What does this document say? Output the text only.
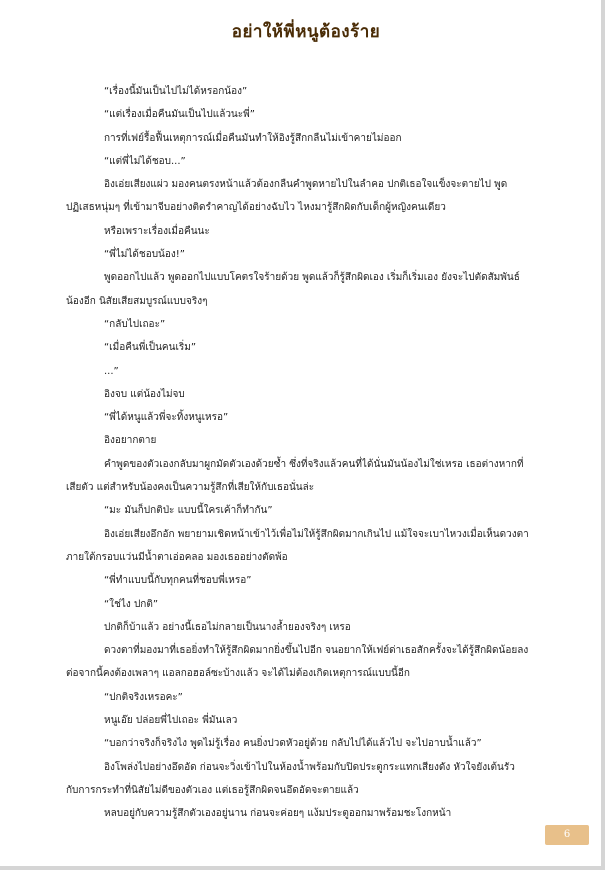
อย่าให้พี่หนูต้องร้าย
“เรื่องนี้มันเป็นไปไม่ได้หรอกน้อง”
“แต่เรื่องเมื่อคืนมันเป็นไปแล้วนะพี่”
การที่เฟย์รื้อฟื้นเหตุการณ์เมื่อคืนมันทำให้อิงรู้สึกกลืนไม่เข้าคายไม่ออก
“แต่พี่ไม่ได้ชอบ...”
อิงเอ่ยเสียงแผ่ว มองคนตรงหน้าแล้วต้องกลืนคำพูดหายไปในลำคอ ปกติเธอใจแข็งจะตายไป พูด
ปฏิเสธหนุ่มๆ ที่เข้ามาจีบอย่างติดรำคาญได้อย่างฉับไว ไหงมารู้สึกผิดกับเด็กผู้หญิงคนเดียว
หรือเพราะเรื่องเมื่อคืนนะ
“พี่ไม่ได้ชอบน้อง!”
พูดออกไปแล้ว พูดออกไปแบบโคตรใจร้ายด้วย พูดแล้วก็รู้สึกผิดเอง เริ่มก็เริ่มเอง ยังจะไปตัดสัมพันธ์
น้องอีก นิสัยเสียสมบูรณ์แบบจริงๆ
“กลับไปเถอะ”
“เมื่อคืนพี่เป็นคนเริ่ม”
...”
อิงจบ แต่น้องไม่จบ
“พี่ได้หนูแล้วพี่จะทิ้งหนูเหรอ”
อิงอยากตาย
คำพูดของตัวเองกลับมาผูกมัดตัวเองด้วยซ้ำ ซึ่งที่จริงแล้วคนที่ได้นั่นมันน้องไม่ใช่เหรอ เธอต่างหากที่
เสียตัว แต่สำหรับน้องคงเป็นความรู้สึกที่เสียให้กับเธอนั่นล่ะ
“มะ มันก็ปกติป่ะ แบบนี้ใครเค้าก็ทำกัน”
อิงเอ่ยเสียงอึกอัก พยายามเชิดหน้าเข้าไว้เพื่อไม่ให้รู้สึกผิดมากเกินไป แม้ใจจะเบาไหวงเมื่อเห็นดวงตา
ภายใต้กรอบแว่นมีน้ำตาเอ่อคลอ มองเธออย่างตัดพ้อ
“พี่ทำแบบนี้กับทุกคนที่ชอบพี่เหรอ”
“ใช่ไง ปกติ”
ปกติก็บ้าแล้ว อย่างนี้เธอไม่กลายเป็นนางล้ำยองจริงๆ เหรอ
ดวงตาที่มองมาที่เธอยิ่งทำให้รู้สึกผิดมากยิ่งขึ้นไปอีก จนอยากให้เฟย์ด่าเธอสักครั้งจะได้รู้สึกผิดน้อยลง
ต่อจากนี้คงต้องเพลาๆ แอลกอฮอล์ซะบ้างแล้ว จะได้ไม่ต้องเกิดเหตุการณ์แบบนี้อีก
“ปกติจริงเหรอคะ”
หนูเอ๊ย ปล่อยพี่ไปเถอะ พี่มันเลว
“บอกว่าจริงก็จริงไง พูดไม่รู้เรื่อง คนยิ่งปวดหัวอยู่ด้วย กลับไปได้แล้วไป จะไปอาบน้ำแล้ว”
อิงโพล่งไปอย่างอึดอัด ก่อนจะวิ่งเข้าไปในห้องน้ำพร้อมกับปิดประตูกระแทกเสียงดัง หัวใจยังเต้นรัว
กับการกระทำที่นิสัยไม่ดีของตัวเอง แต่เธอรู้สึกผิดจนอึดอัดจะตายแล้ว
หลบอยู่กับความรู้สึกตัวเองอยู่นาน ก่อนจะค่อยๆ แง้มประตูออกมาพร้อมชะโงกหน้า
6
